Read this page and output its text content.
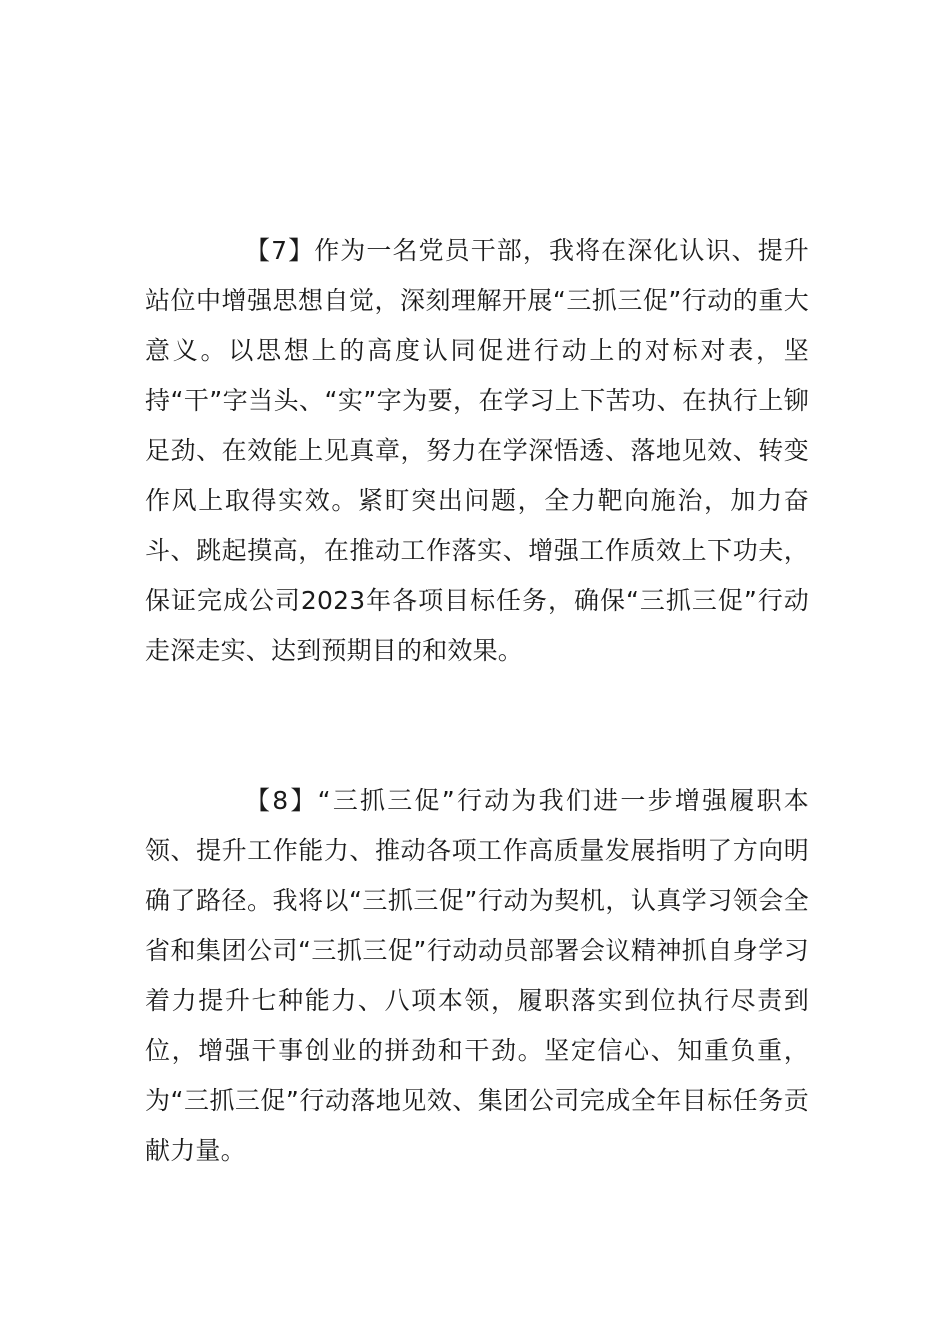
【7】作为一名党员干部，我将在深化认识、提升站位中增强思想自觉，深刻理解开展“三抓三促”行动的重大意义。以思想上的高度认同促进行动上的对标对表，坚持“干”字当头、“实”字为要，在学习上下苦功、在执行上铆足劲、在效能上见真章，努力在学深悟透、落地见效、转变作风上取得实效。紧盯突出问题，全力靶向施治，加力奋斗、跳起摸高，在推动工作落实、增强工作质效上下功夫，保证完成公司2023年各项目标任务，确保“三抓三促”行动走深走实、达到预期目的和效果。

【8】“三抓三促”行动为我们进一步增强履职本领、提升工作能力、推动各项工作高质量发展指明了方向明确了路径。我将以“三抓三促”行动为契机，认真学习领会全省和集团公司“三抓三促”行动动员部署会议精神抓自身学习着力提升七种能力、八项本领，履职落实到位执行尽责到位，增强干事创业的拼劲和干劲。坚定信心、知重负重，为“三抓三促”行动落地见效、集团公司完成全年目标任务贡献力量。
